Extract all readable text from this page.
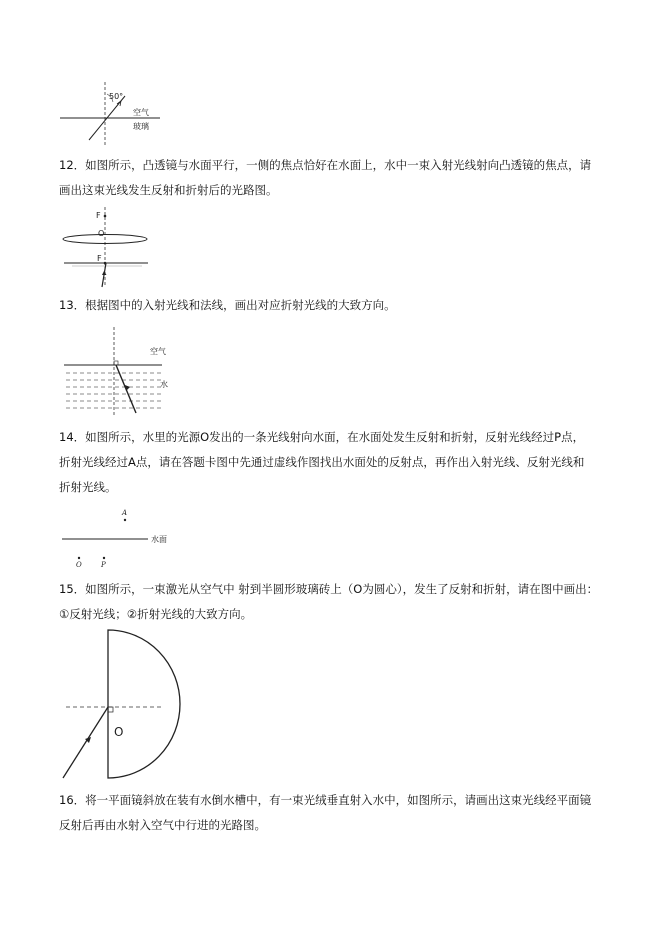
50°
空气
玻璃
12．如图所示，凸透镜与水面平行，一侧的焦点恰好在水面上，水中一束入射光线射向凸透镜的焦点，请
画出这束光线发生反射和折射后的光路图。
F
O
F
13．根据图中的入射光线和法线，画出对应折射光线的大致方向。
空气
水
14．如图所示，水里的光源O发出的一条光线射向水面，在水面处发生反射和折射，反射光线经过P点，
折射光线经过A点，请在答题卡图中先通过虚线作图找出水面处的反射点，再作出入射光线、反射光线和
折射光线。
A
水面
O	P
15．如图所示，一束激光从空气中 射到半圆形玻璃砖上（O为圆心），发生了反射和折射，请在图中画出：
①反射光线；②折射光线的大致方向。
O
16．将一平面镜斜放在装有水倒水槽中，有一束光绒垂直射入水中，如图所示，请画出这束光线经平面镜
反射后再由水射入空气中行进的光路图。
